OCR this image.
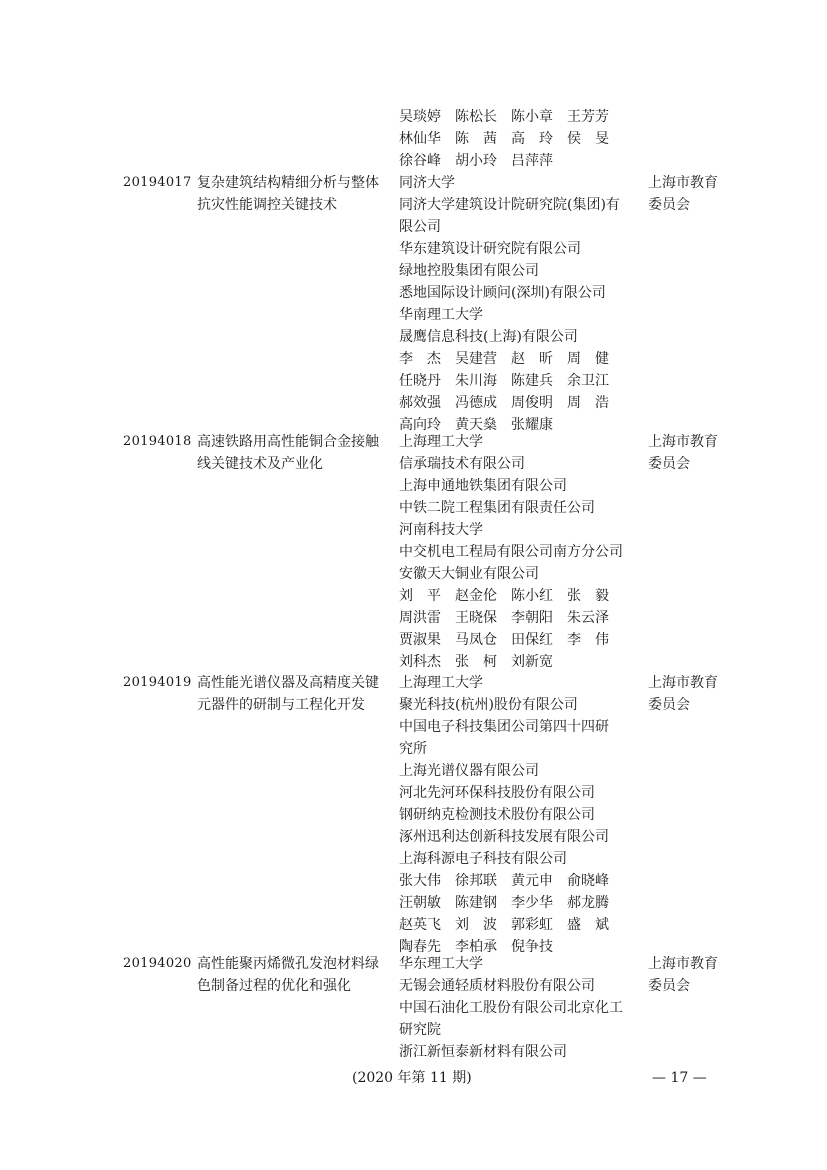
吴琰婷　陈松长　陈小章　王芳芳
林仙华　陈　茜　高　玲　侯　旻
徐谷峰　胡小玲　吕萍萍
20194017 复杂建筑结构精细分析与整体
抗灾性能调控关键技术
同济大学
同济大学建筑设计院研究院(集团)有
限公司
华东建筑设计研究院有限公司
绿地控股集团有限公司
悉地国际设计顾问(深圳)有限公司
华南理工大学
晟鹰信息科技(上海)有限公司
李　杰　吴建营　赵　昕　周　健
任晓丹　朱川海　陈建兵　余卫江
郝效强　冯德成　周俊明　周　浩
高向玲　黄天燊　张耀康
上海市教育
委员会
20194018 高速铁路用高性能铜合金接触
线关键技术及产业化
上海理工大学
信承瑞技术有限公司
上海申通地铁集团有限公司
中铁二院工程集团有限责任公司
河南科技大学
中交机电工程局有限公司南方分公司
安徽天大铜业有限公司
刘　平　赵金伦　陈小红　张　毅
周洪雷　王晓保　李朝阳　朱云泽
贾淑果　马凤仓　田保红　李　伟
刘科杰　张　柯　刘新宽
上海市教育
委员会
20194019 高性能光谱仪器及高精度关键
元器件的研制与工程化开发
上海理工大学
聚光科技(杭州)股份有限公司
中国电子科技集团公司第四十四研
究所
上海光谱仪器有限公司
河北先河环保科技股份有限公司
钢研纳克检测技术股份有限公司
涿州迅利达创新科技发展有限公司
上海科源电子科技有限公司
张大伟　徐邦联　黄元申　俞晓峰
汪朝敏　陈建钢　李少华　郝龙腾
赵英飞　刘　波　郭彩虹　盛　斌
陶春先　李柏承　倪争技
上海市教育
委员会
20194020 高性能聚丙烯微孔发泡材料绿
色制备过程的优化和强化
华东理工大学
无锡会通轻质材料股份有限公司
中国石油化工股份有限公司北京化工
研究院
浙江新恒泰新材料有限公司
上海市教育
委员会
(2020 年第 11 期)	— 17 —
